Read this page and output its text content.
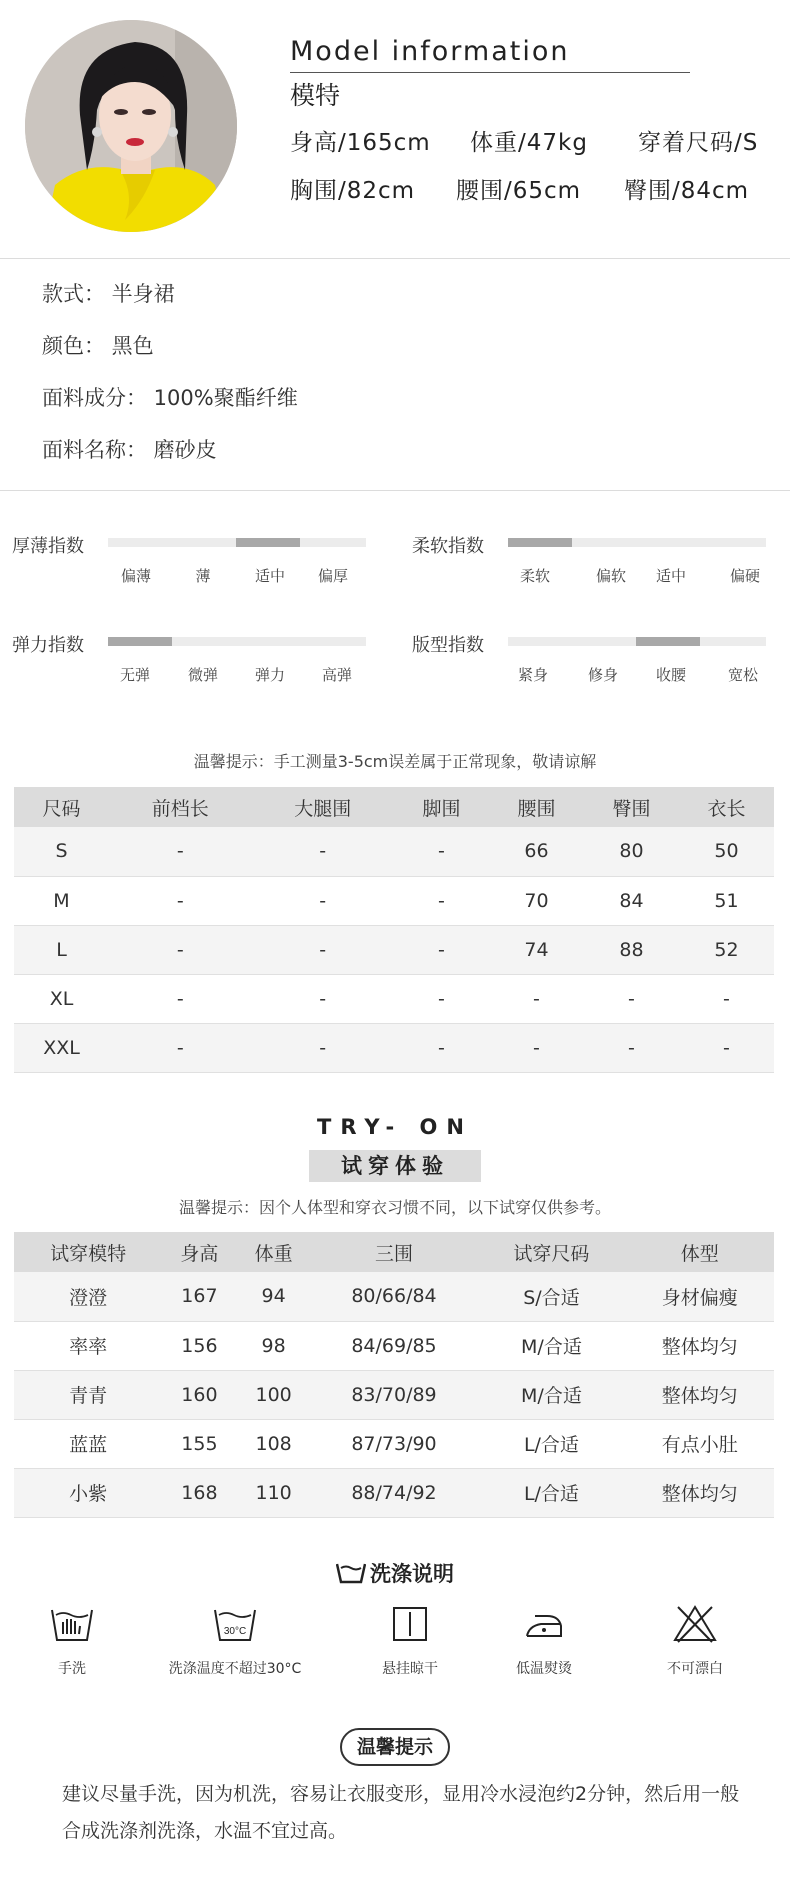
Model information
模特
身高/165cm 体重/47kg 穿着尺码/S
胸围/82cm 腰围/65cm 臀围/84cm
款式： 半身裙
颜色： 黑色
面料成分： 100%聚酯纤维
面料名称： 磨砂皮
厚薄指数
偏薄	薄	适中	偏厚
柔软指数
柔软	偏软	适中	偏硬
弹力指数
无弹	微弹	弹力	高弹
版型指数
紧身	修身	收腰	宽松
温馨提示：手工测量3-5cm误差属于正常现象，敬请谅解
尺码	前档长	大腿围	脚围	腰围	臀围	衣长
S	-	-	-	66	80	50
M	-	-	-	70	84	51
L	-	-	-	74	88	52
XL	-	-	-	-	-	-
XXL	-	-	-	-	-	-
TRY- ON
试穿体验
温馨提示：因个人体型和穿衣习惯不同，以下试穿仅供参考。
试穿模特	身高	体重	三围	试穿尺码	体型
澄澄	167	94	80/66/84	S/合适	身材偏瘦
率率	156	98	84/69/85	M/合适	整体均匀
青青	160	100	83/70/89	M/合适	整体均匀
蓝蓝	155	108	87/73/90	L/合适	有点小肚
小紫	168	110	88/74/92	L/合适	整体均匀
洗涤说明
手洗
30°C
洗涤温度不超过30°C	悬挂晾干	低温熨烫	不可漂白
温馨提示
建议尽量手洗，因为机洗，容易让衣服变形，显用冷水浸泡约2分钟，然后用一般合成洗涤剂洗涤，水温不宜过高。
